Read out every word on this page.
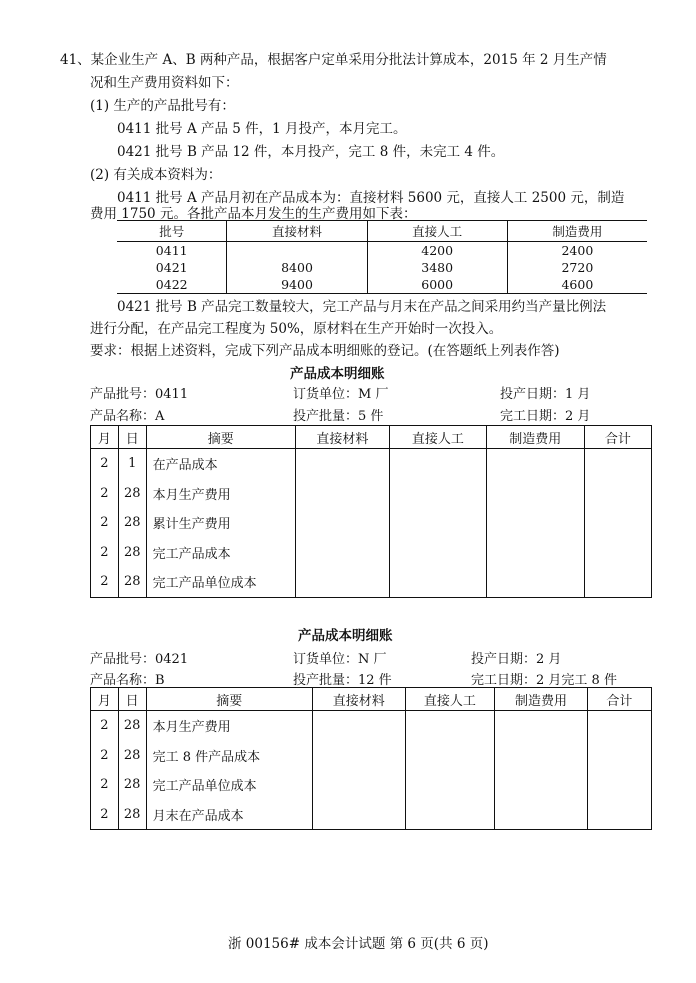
41、某企业生产 A、B 两种产品，根据客户定单采用分批法计算成本，2015 年 2 月生产情
况和生产费用资料如下：
(1) 生产的产品批号有：
0411 批号 A 产品 5 件，1 月投产，本月完工。
0421 批号 B 产品 12 件，本月投产，完工 8 件，未完工 4 件。
(2) 有关成本资料为：
0411 批号 A 产品月初在产品成本为：直接材料 5600 元，直接人工 2500 元，制造
费用 1750 元。各批产品本月发生的生产费用如下表：
批号	直接材料	直接人工	制造费用
0411		4200	2400
0421	8400	3480	2720
0422	9400	6000	4600
0421 批号 B 产品完工数量较大，完工产品与月末在产品之间采用约当产量比例法
进行分配，在产品完工程度为 50%，原材料在生产开始时一次投入。
要求：根据上述资料，完成下列产品成本明细账的登记。(在答题纸上列表作答)
产品成本明细账
产品批号：0411	订货单位：M 厂	投产日期：1 月
产品名称：A	投产批量：5 件	完工日期：2 月
月	日	摘要	直接材料	直接人工	制造费用	合计
2	1	在产品成本				
2	28	本月生产费用				
2	28	累计生产费用				
2	28	完工产品成本				
2	28	完工产品单位成本				
产品成本明细账
产品批号：0421	订货单位：N 厂	投产日期：2 月
产品名称：B	投产批量：12 件	完工日期：2 月完工 8 件
月	日	摘要	直接材料	直接人工	制造费用	合计
2	28	本月生产费用				
2	28	完工 8 件产品成本				
2	28	完工产品单位成本				
2	28	月末在产品成本				
浙 00156# 成本会计试题 第 6 页(共 6 页)
